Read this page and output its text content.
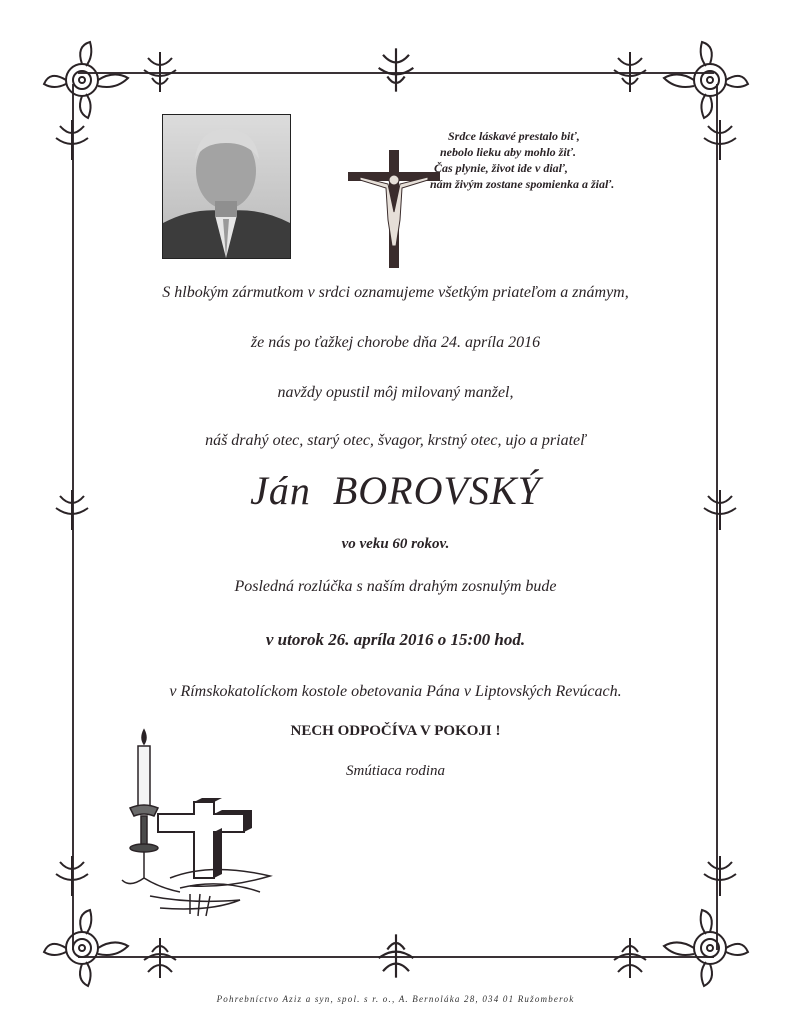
Srdce láskavé prestalo biť,
nebolo lieku aby mohlo žiť.
Čas plynie, život ide v diaľ,
nám živým zostane spomienka a žiaľ.
S hlbokým zármutkom v srdci oznamujeme všetkým priateľom a známym,
že nás po ťažkej chorobe dňa 24. apríla 2016
navždy opustil môj milovaný manžel,
náš drahý otec, starý otec, švagor, krstný otec, ujo a priateľ
Ján  BOROVSKÝ
vo veku 60 rokov.
Posledná rozlúčka s naším drahým zosnulým bude
v utorok 26. apríla 2016 o 15:00 hod.
v Rímskokatolíckom kostole obetovania Pána v Liptovských Revúcach.
NECH ODPOČÍVA V POKOJI !
Smútiaca rodina
Pohrebníctvo Aziz a syn, spol. s r. o., A. Bernoláka 28, 034 01 Ružomberok
